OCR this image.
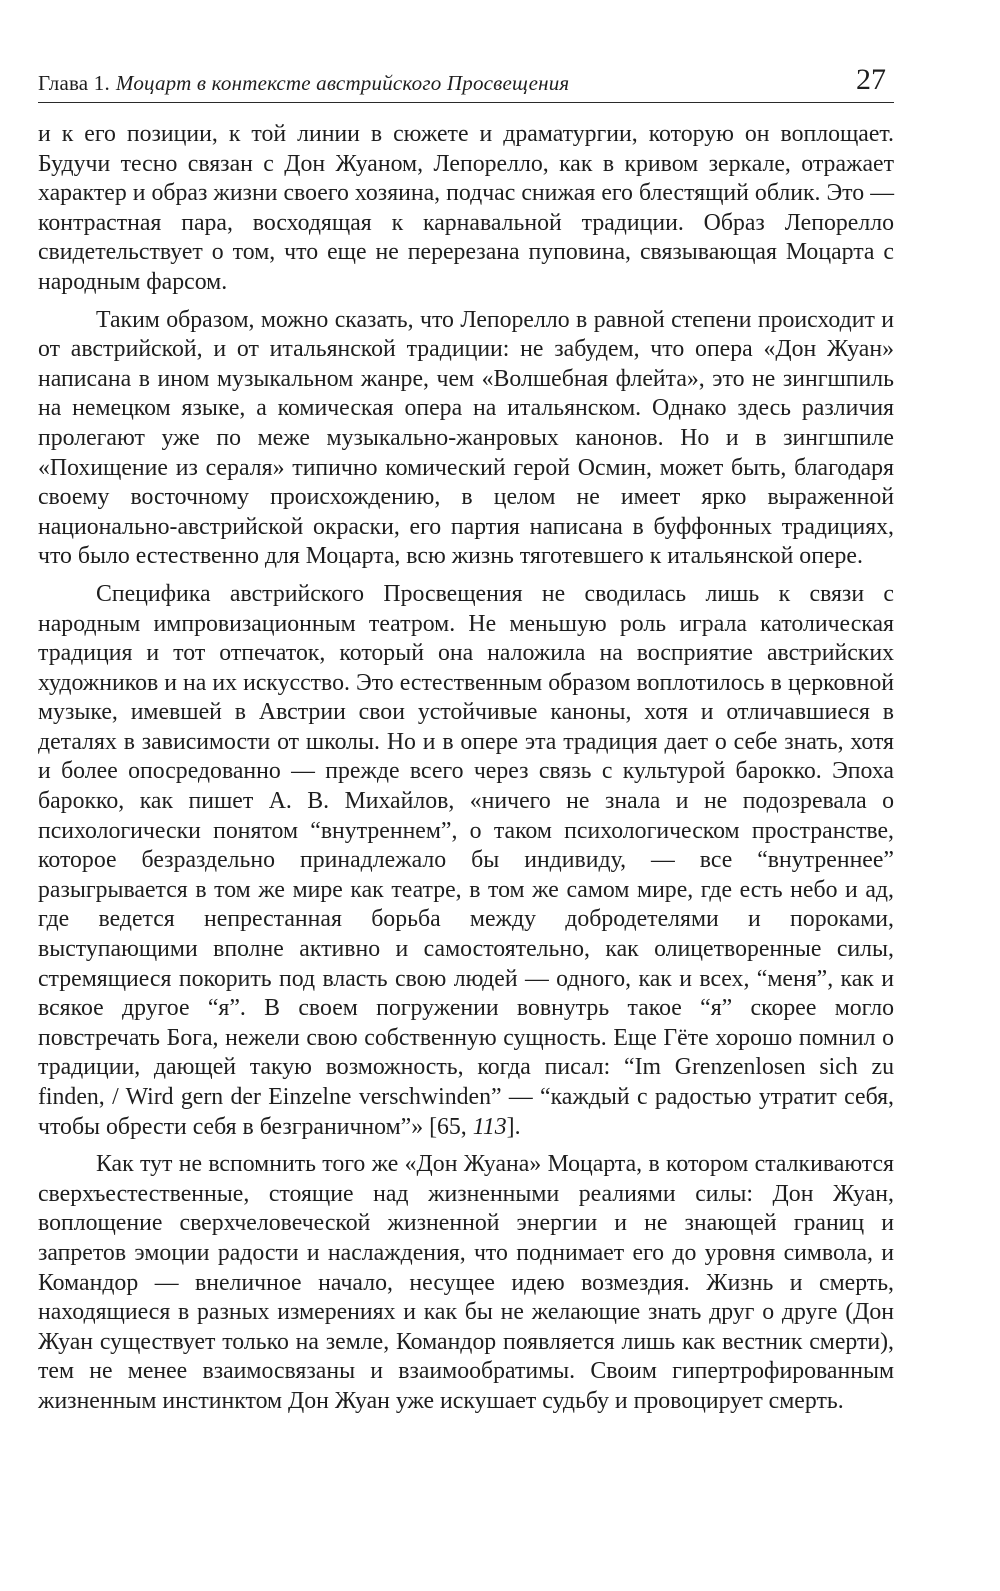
Глава 1. Моцарт в контексте австрийского Просвещения	27

и к его позиции, к той линии в сюжете и драматургии, которую он воплощает. Будучи тесно связан с Дон Жуаном, Лепорелло, как в кривом зеркале, отражает характер и образ жизни своего хозяина, подчас снижая его блестящий облик. Это — контрастная пара, восходящая к карнавальной традиции. Образ Лепорелло свидетельствует о том, что еще не перерезана пуповина, связывающая Моцарта с народным фарсом.

Таким образом, можно сказать, что Лепорелло в равной степени происходит и от австрийской, и от итальянской традиции: не забудем, что опера «Дон Жуан» написана в ином музыкальном жанре, чем «Волшебная флейта», это не зингшпиль на немецком языке, а комическая опера на итальянском. Однако здесь различия пролегают уже по меже музыкально-жанровых канонов. Но и в зингшпиле «Похищение из сераля» типично комический герой Осмин, может быть, благодаря своему восточному происхождению, в целом не имеет ярко выраженной национально-австрийской окраски, его партия написана в буффонных традициях, что было естественно для Моцарта, всю жизнь тяготевшего к итальянской опере.

Специфика австрийского Просвещения не сводилась лишь к связи с народным импровизационным театром. Не меньшую роль играла католическая традиция и тот отпечаток, который она наложила на восприятие австрийских художников и на их искусство. Это естественным образом воплотилось в церковной музыке, имевшей в Австрии свои устойчивые каноны, хотя и отличавшиеся в деталях в зависимости от школы. Но и в опере эта традиция дает о себе знать, хотя и более опосредованно — прежде всего через связь с культурой барокко. Эпоха барокко, как пишет А. В. Михайлов, «ничего не знала и не подозревала о психологически понятом “внутреннем”, о таком психологическом пространстве, которое безраздельно принадлежало бы индивиду, — все “внутреннее” разыгрывается в том же мире как театре, в том же самом мире, где есть небо и ад, где ведется непрестанная борьба между добродетелями и пороками, выступающими вполне активно и самостоятельно, как олицетворенные силы, стремящиеся покорить под власть свою людей — одного, как и всех, “меня”, как и всякое другое “я”. В своем погружении вовнутрь такое “я” скорее могло повстречать Бога, нежели свою собственную сущность. Еще Гёте хорошо помнил о традиции, дающей такую возможность, когда писал: “Im Grenzenlosen sich zu finden, / Wird gern der Einzelne verschwinden” — “каждый с радостью утратит себя, чтобы обрести себя в безграничном”» [65, 113].

Как тут не вспомнить того же «Дон Жуана» Моцарта, в котором сталкиваются сверхъестественные, стоящие над жизненными реалиями силы: Дон Жуан, воплощение сверхчеловеческой жизненной энергии и не знающей границ и запретов эмоции радости и наслаждения, что поднимает его до уровня символа, и Командор — внеличное начало, несущее идею возмездия. Жизнь и смерть, находящиеся в разных измерениях и как бы не желающие знать друг о друге (Дон Жуан существует только на земле, Командор появляется лишь как вестник смерти), тем не менее взаимосвязаны и взаимообратимы. Своим гипертрофированным жизненным инстинктом Дон Жуан уже искушает судьбу и провоцирует смерть.
